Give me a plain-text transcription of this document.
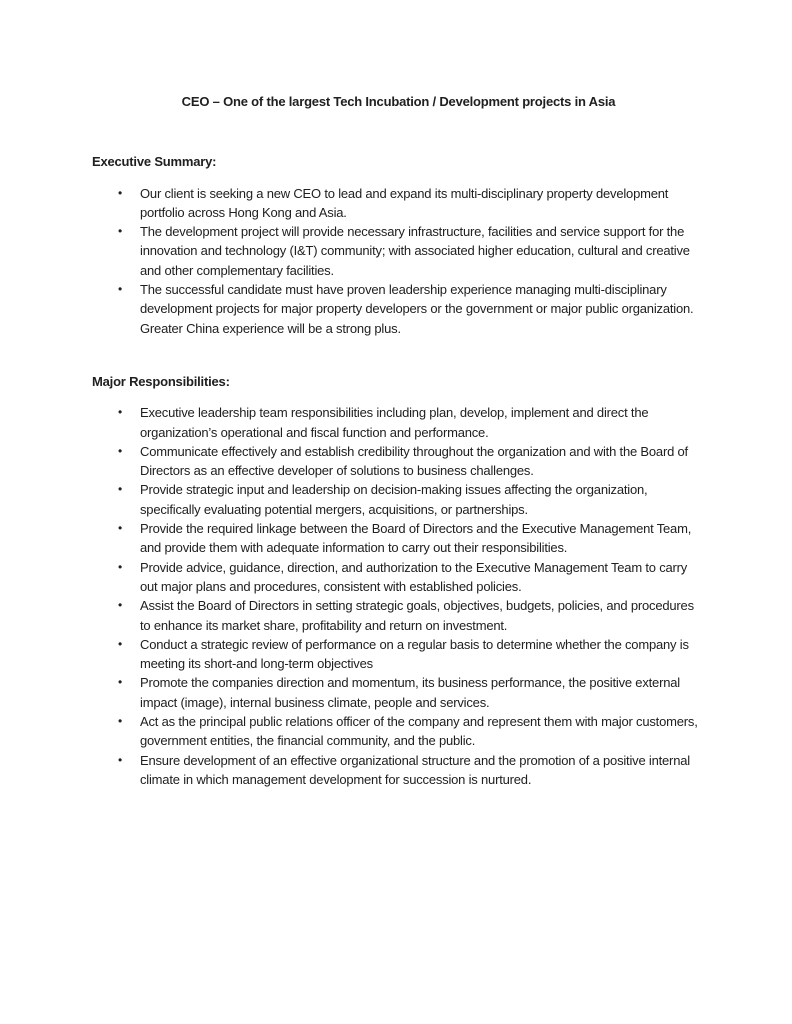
CEO – One of the largest Tech Incubation / Development projects in Asia
Executive Summary:
•	Our client is seeking a new CEO to lead and expand its multi-disciplinary property development portfolio across Hong Kong and Asia.
•	The development project will provide necessary infrastructure, facilities and service support for the innovation and technology (I&T) community; with associated higher education, cultural and creative and other complementary facilities.
•	The successful candidate must have proven leadership experience managing multi-disciplinary development projects for major property developers or the government or major public organization. Greater China experience will be a strong plus.
Major Responsibilities:
•	Executive leadership team responsibilities including plan, develop, implement and direct the organization’s operational and fiscal function and performance.
•	Communicate effectively and establish credibility throughout the organization and with the Board of Directors as an effective developer of solutions to business challenges.
•	Provide strategic input and leadership on decision-making issues affecting the organization, specifically evaluating potential mergers, acquisitions, or partnerships.
•	Provide the required linkage between the Board of Directors and the Executive Management Team, and provide them with adequate information to carry out their responsibilities.
•	Provide advice, guidance, direction, and authorization to the Executive Management Team to carry out major plans and procedures, consistent with established policies.
•	Assist the Board of Directors in setting strategic goals, objectives, budgets, policies, and procedures to enhance its market share, profitability and return on investment.
•	Conduct a strategic review of performance on a regular basis to determine whether the company is meeting its short-and long-term objectives
•	Promote the companies direction and momentum, its business performance, the positive external impact (image), internal business climate, people and services.
•	Act as the principal public relations officer of the company and represent them with major customers, government entities, the financial community, and the public.
•	Ensure development of an effective organizational structure and the promotion of a positive internal climate in which management development for succession is nurtured.
